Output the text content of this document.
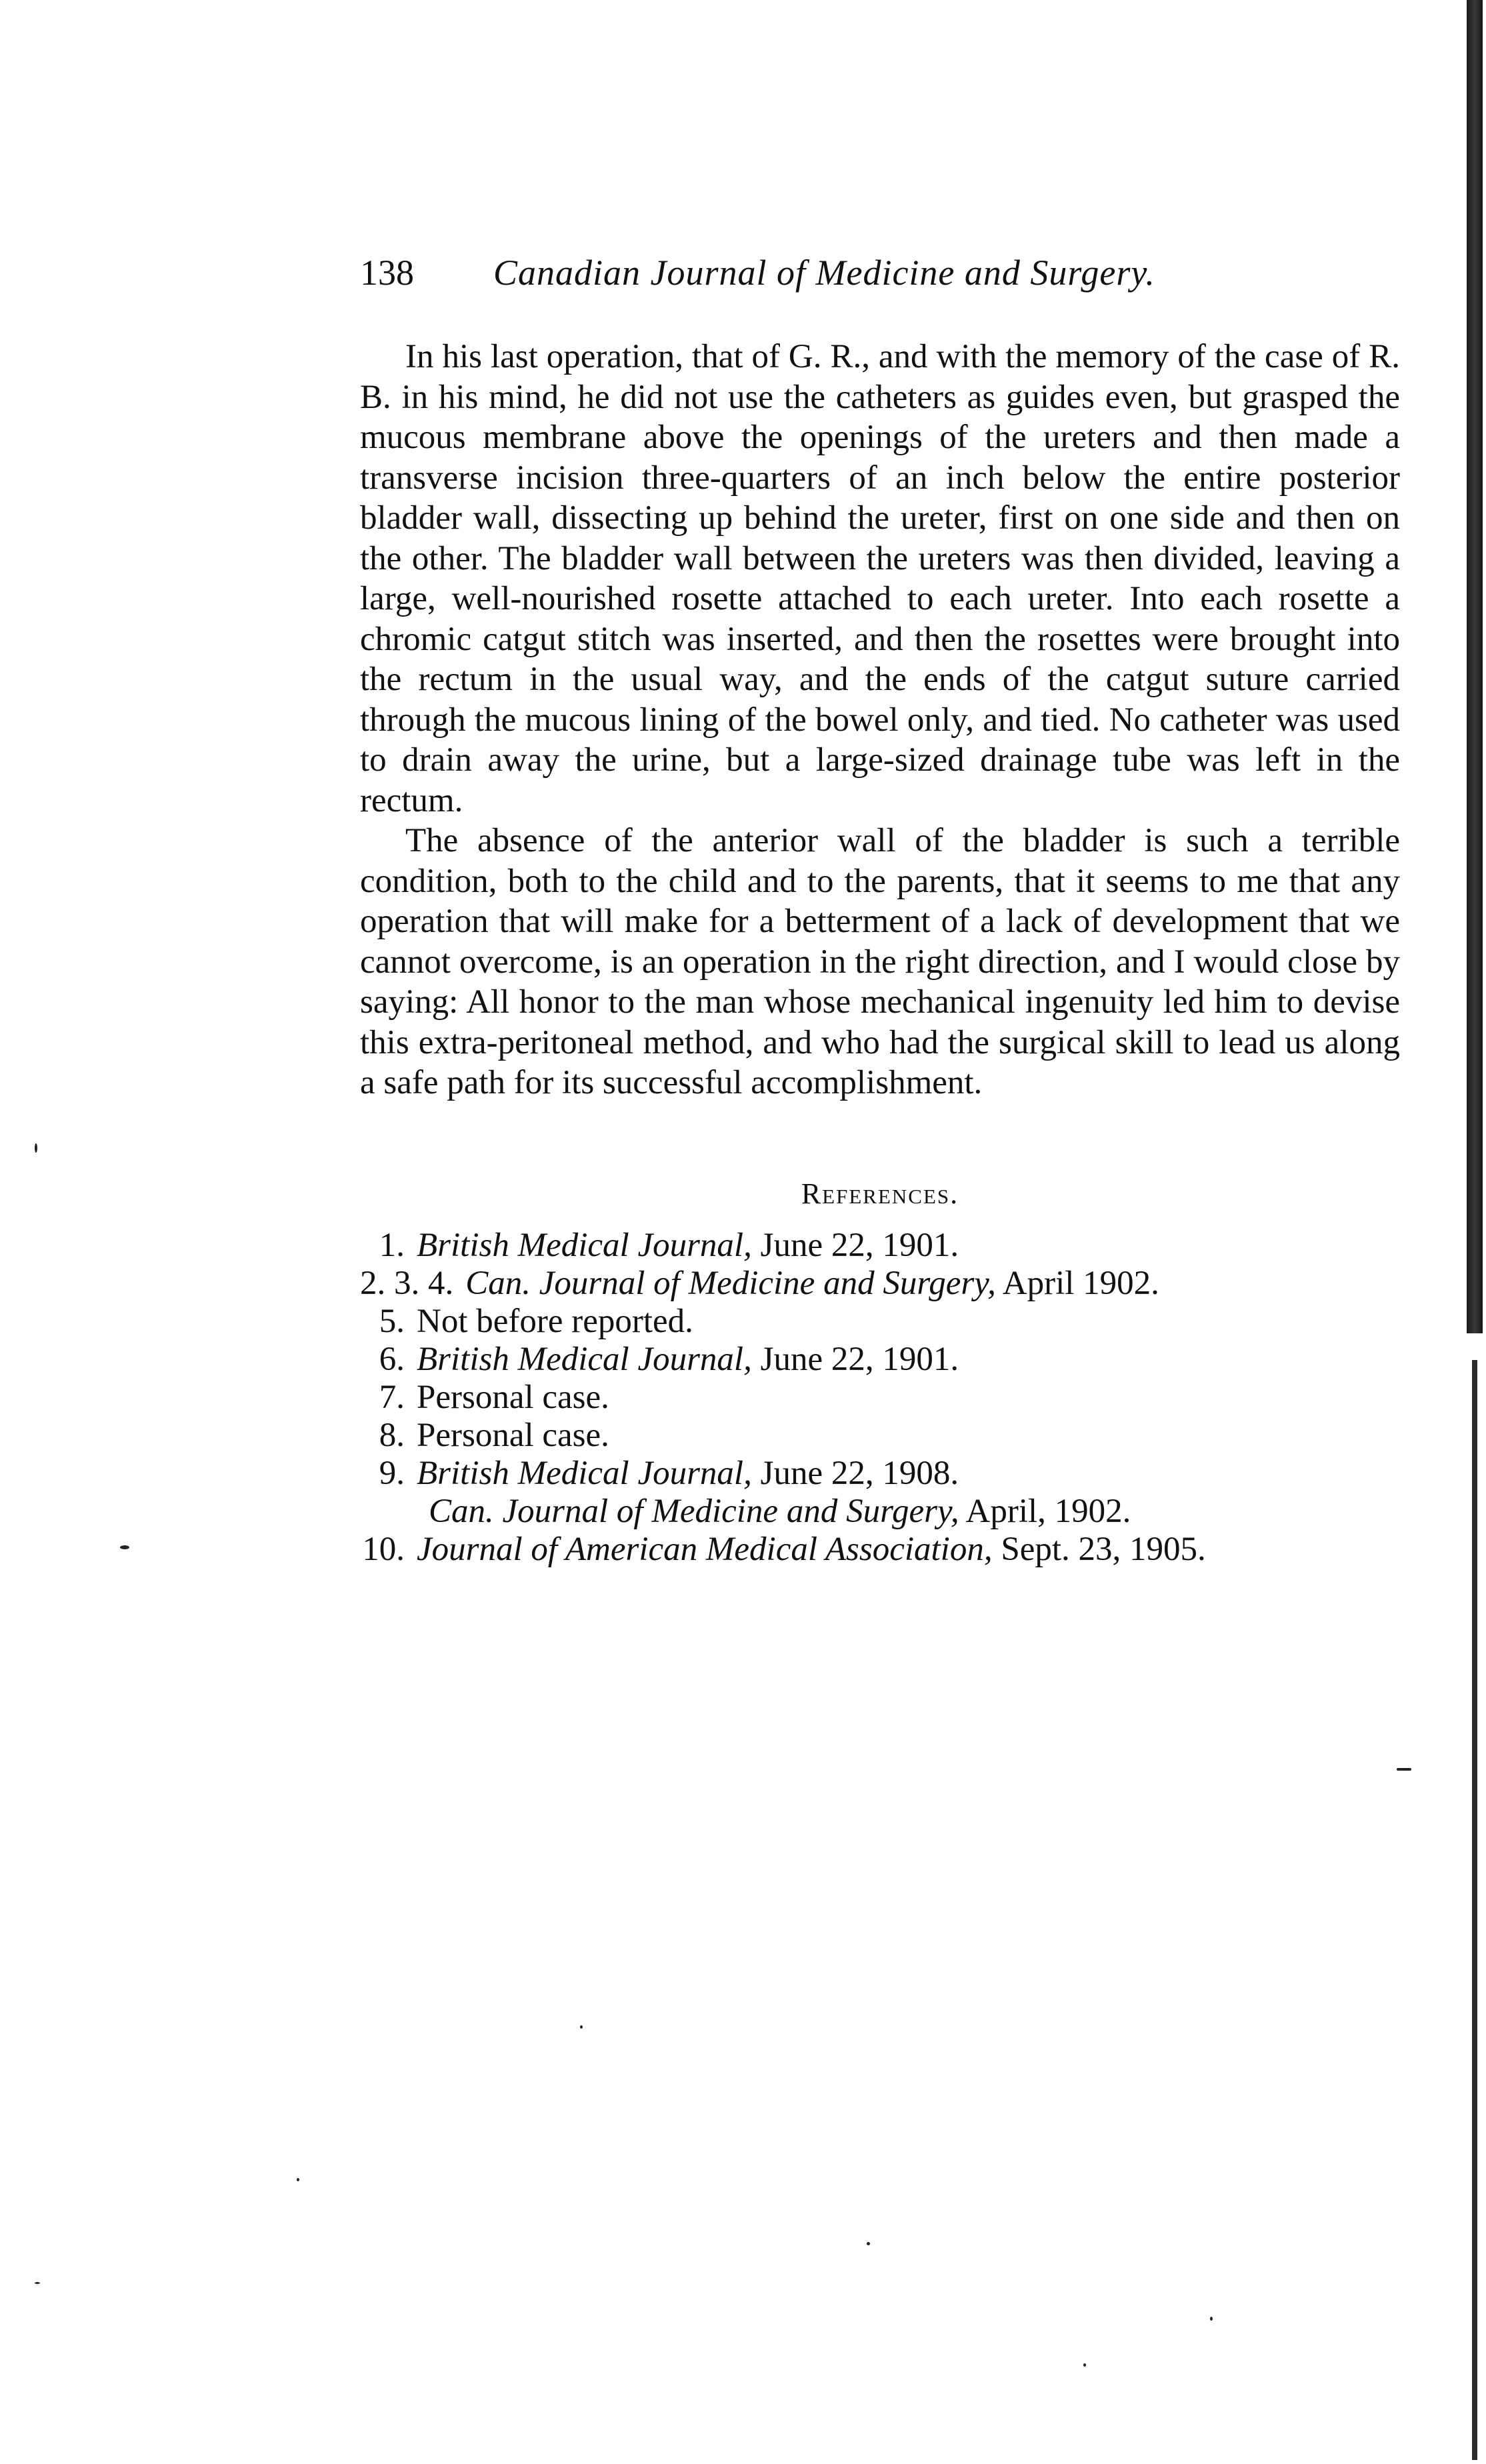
138 Canadian Journal of Medicine and Surgery.

In his last operation, that of G. R., and with the memory of the case of R. B. in his mind, he did not use the catheters as guides even, but grasped the mucous membrane above the openings of the ureters and then made a transverse incision three-quarters of an inch below the entire posterior bladder wall, dissecting up behind the ureter, first on one side and then on the other. The bladder wall between the ureters was then divided, leaving a large, well-nourished rosette attached to each ureter. Into each rosette a chromic catgut stitch was inserted, and then the rosettes were brought into the rectum in the usual way, and the ends of the catgut suture carried through the mucous lining of the bowel only, and tied. No catheter was used to drain away the urine, but a large-sized drainage tube was left in the rectum.

The absence of the anterior wall of the bladder is such a terrible condition, both to the child and to the parents, that it seems to me that any operation that will make for a betterment of a lack of development that we cannot overcome, is an operation in the right direction, and I would close by saying: All honor to the man whose mechanical ingenuity led him to devise this extra-peritoneal method, and who had the surgical skill to lead us along a safe path for its successful accomplishment.

References.
1. British Medical Journal, June 22, 1901.
2. 3. 4. Can. Journal of Medicine and Surgery, April 1902.
5. Not before reported.
6. British Medical Journal, June 22, 1901.
7. Personal case.
8. Personal case.
9. British Medical Journal, June 22, 1908.
Can. Journal of Medicine and Surgery, April, 1902.
10. Journal of American Medical Association, Sept. 23, 1905.
